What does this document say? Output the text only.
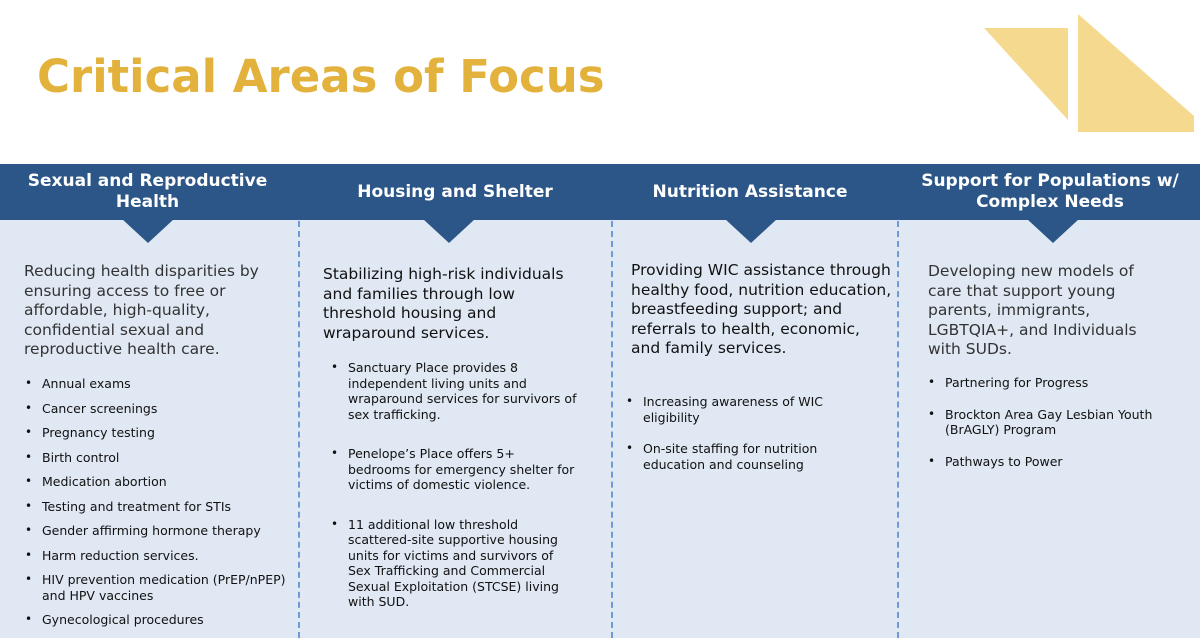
Critical Areas of Focus
Sexual and Reproductive Health
Housing and Shelter	Nutrition Assistance
Support for Populations w/ Complex Needs
Reducing health disparities by ensuring access to free or affordable, high-quality, confidential sexual and reproductive health care.
• Annual exams
• Cancer screenings
• Pregnancy testing
• Birth control
• Medication abortion
• Testing and treatment for STIs
• Gender affirming hormone therapy
• Harm reduction services.
• HIV prevention medication (PrEP/nPEP) and HPV vaccines
• Gynecological procedures
Stabilizing high-risk individuals and families through low threshold housing and wraparound services.
• Sanctuary Place provides 8 independent living units and wraparound services for survivors of sex trafficking.
• Penelope’s Place offers 5+ bedrooms for emergency shelter for victims of domestic violence.
• 11 additional low threshold scattered-site supportive housing units for victims and survivors of Sex Trafficking and Commercial Sexual Exploitation (STCSE) living with SUD.
Providing WIC assistance through healthy food, nutrition education, breastfeeding support; and referrals to health, economic, and family services.
• Increasing awareness of WIC eligibility
• On-site staffing for nutrition education and counseling
Developing new models of care that support young parents, immigrants, LGBTQIA+, and Individuals with SUDs.
• Partnering for Progress
• Brockton Area Gay Lesbian Youth (BrAGLY) Program
• Pathways to Power
